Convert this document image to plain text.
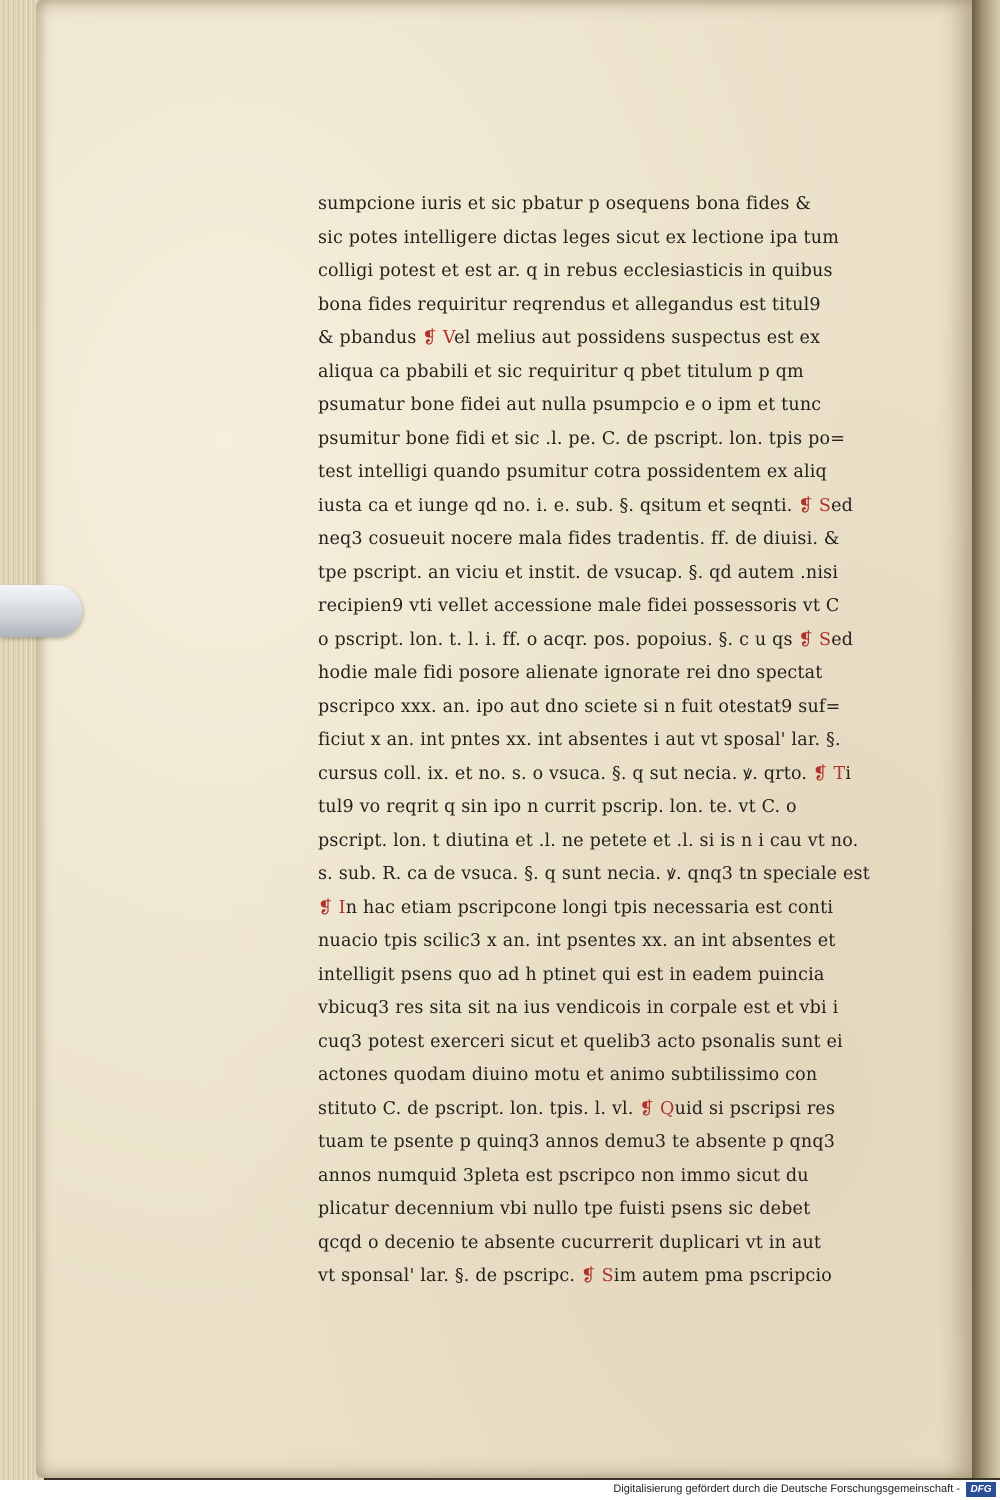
sumpcione iuris et sic pbatur p osequens bona fides &
sic potes intelligere dictas leges sicut ex lectione ipa tum
colligi potest et est ar. q in rebus ecclesiasticis in quibus
bona fides requiritur reqrendus et allegandus est titul9
& pbandus ❡ Vel melius aut possidens suspectus est ex
aliqua ca pbabili et sic requiritur q pbet titulum p qm
psumatur bone fidei aut nulla psumpcio e o ipm et tunc
psumitur bone fidi et sic .l. pe. C. de pscript. lon. tpis po=
test intelligi quando psumitur cotra possidentem ex aliq
iusta ca et iunge qd no. i. e. sub. §. qsitum et seqnti. ❡ Sed
neq3 cosueuit nocere mala fides tradentis. ff. de diuisi. &
tpe pscript. an viciu et instit. de vsucap. §. qd autem .nisi
recipien9 vti vellet accessione male fidei possessoris vt C
o pscript. lon. t. l. i. ff. o acqr. pos. popoius. §. c u qs ❡ Sed
hodie male fidi posore alienate ignorate rei dno spectat
pscripco xxx. an. ipo aut dno sciete si n fuit otestat9 suf=
ficiut x an. int pntes xx. int absentes i aut vt sposal' lar. §.
cursus coll. ix. et no. s. o vsuca. §. q sut necia. ꝟ. qrto. ❡ Ti
tul9 vo reqrit q sin ipo n currit pscrip. lon. te. vt C. o
pscript. lon. t diutina et .l. ne petete et .l. si is n i cau vt no.
s. sub. R. ca de vsuca. §. q sunt necia. ꝟ. qnq3 tn speciale est
❡ In hac etiam pscripcone longi tpis necessaria est conti
nuacio tpis scilic3 x an. int psentes xx. an int absentes et
intelligit psens quo ad h ptinet qui est in eadem puincia
vbicuq3 res sita sit na ius vendicois in corpale est et vbi i
cuq3 potest exerceri sicut et quelib3 acto psonalis sunt ei
actones quodam diuino motu et animo subtilissimo con
stituto C. de pscript. lon. tpis. l. vl. ❡ Quid si pscripsi res
tuam te psente p quinq3 annos demu3 te absente p qnq3
annos numquid 3pleta est pscripco non immo sicut du
plicatur decennium vbi nullo tpe fuisti psens sic debet
qcqd o decenio te absente cucurrerit duplicari vt in aut
vt sponsal' lar. §. de pscripc. ❡ Sim autem pma pscripcio
Digitalisierung gefördert durch die Deutsche Forschungsgemeinschaft -	DFG
